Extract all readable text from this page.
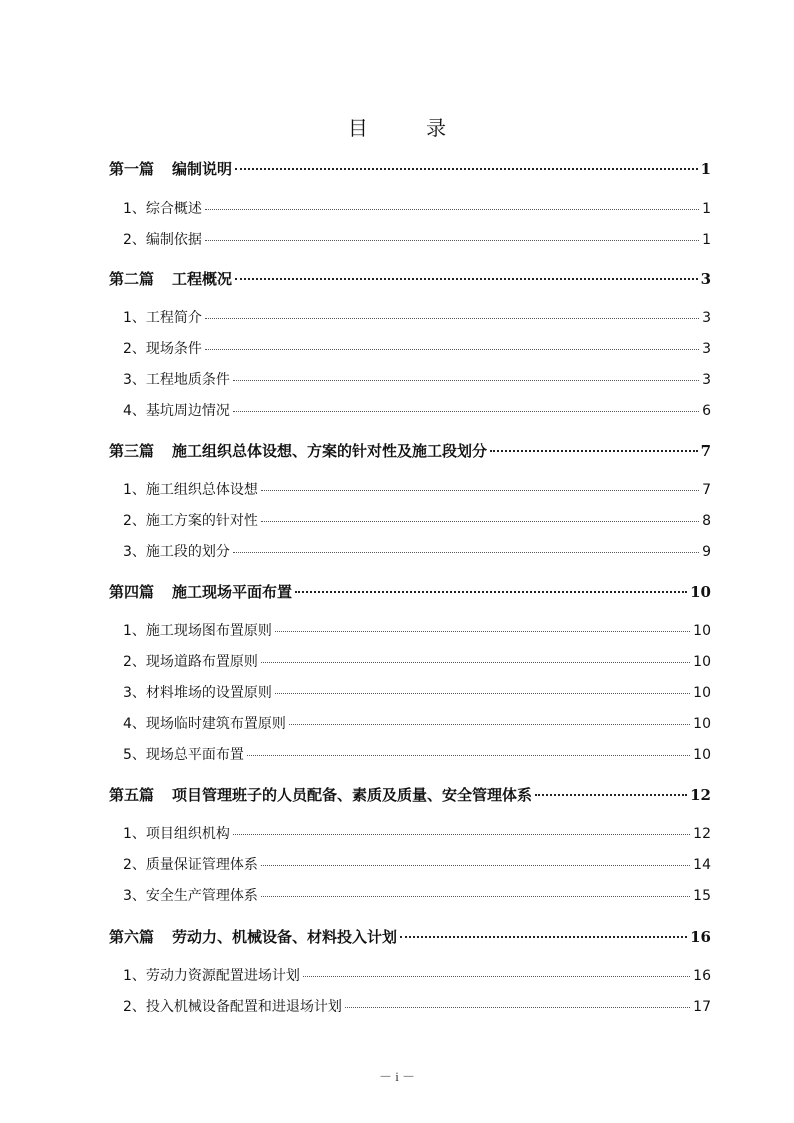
目 录
第一篇 编制说明	1
1、综合概述	1
2、编制依据	1
第二篇 工程概况	3
1、工程简介	3
2、现场条件	3
3、工程地质条件	3
4、基坑周边情况	6
第三篇 施工组织总体设想、方案的针对性及施工段划分	7
1、施工组织总体设想	7
2、施工方案的针对性	8
3、施工段的划分	9
第四篇 施工现场平面布置	10
1、施工现场图布置原则	10
2、现场道路布置原则	10
3、材料堆场的设置原则	10
4、现场临时建筑布置原则	10
5、现场总平面布置	10
第五篇 项目管理班子的人员配备、素质及质量、安全管理体系	12
1、项目组织机构	12
2、质量保证管理体系	14
3、安全生产管理体系	15
第六篇 劳动力、机械设备、材料投入计划	16
1、劳动力资源配置进场计划	16
2、投入机械设备配置和进退场计划	17
－ i －
